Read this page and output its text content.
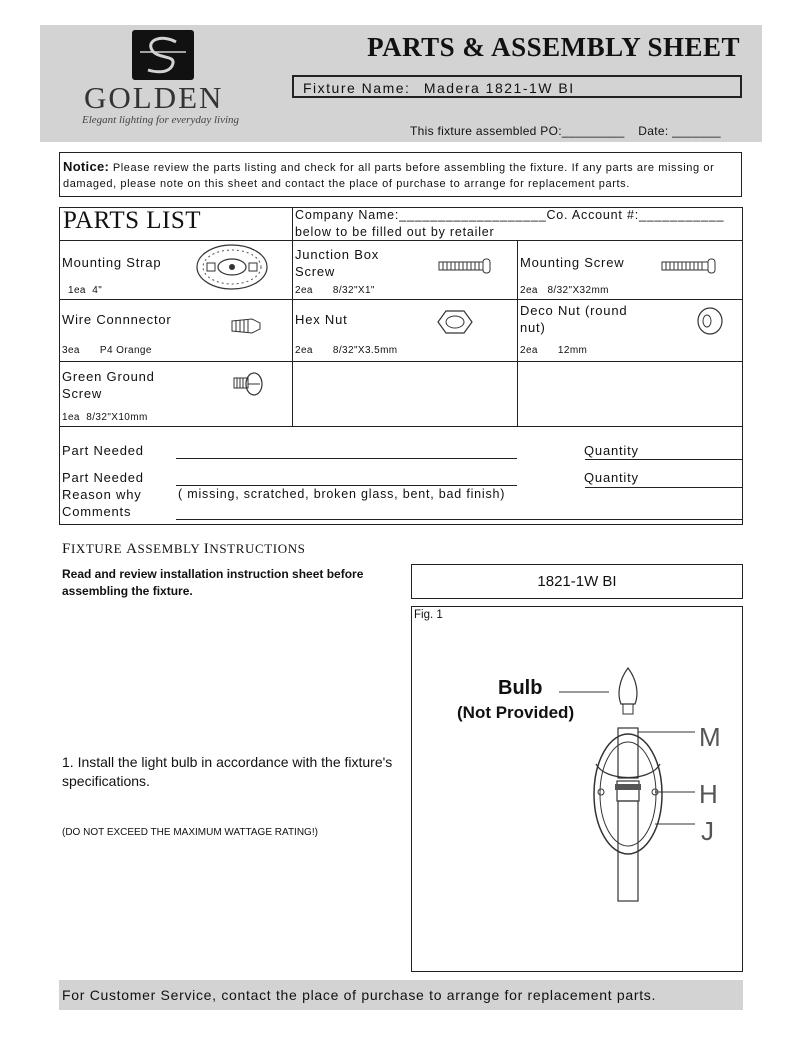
GOLDEN
Elegant lighting for everyday living
PARTS & ASSEMBLY SHEET
Fixture Name: Madera 1821-1W BI
This fixture assembled PO:_________ Date: _______
Notice: Please review the parts listing and check for all parts before assembling the fixture. If any parts are missing or damaged, please note on this sheet and contact the place of purchase to arrange for replacement parts.
PARTS LIST	Company Name:___________________Co. Account #:___________
below to be filled out by retailer
Mounting Strap
1ea 4"
Junction Box Screw
2ea 8/32"X1"
Mounting Screw
2ea 8/32"X32mm
Wire Connnector
3ea P4 Orange
Hex Nut
2ea 8/32"X3.5mm
Deco Nut (round nut)
2ea 12mm
Green Ground Screw
1ea 8/32"X10mm
Part Needed	Quantity
Part Needed	Quantity
Reason why	( missing, scratched, broken glass, bent, bad finish)
Comments
FIXTURE ASSEMBLY INSTRUCTIONS
Read and review installation instruction sheet before assembling the fixture.
1821-1W BI
Fig. 1
Bulb
(Not Provided)
M
H
J
1. Install the light bulb in accordance with the fixture's specifications.
(DO NOT EXCEED THE MAXIMUM WATTAGE RATING!)
For Customer Service, contact the place of purchase to arrange for replacement parts.
